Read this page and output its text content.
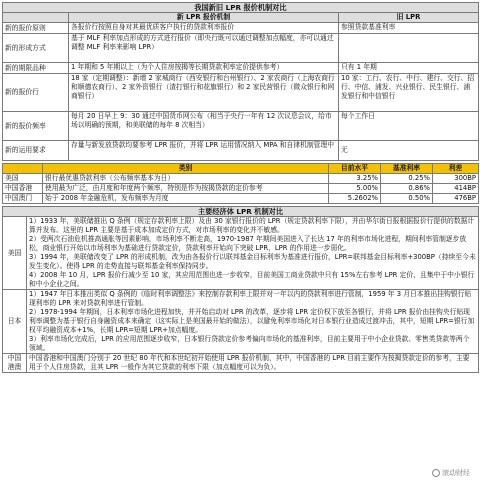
我国新旧 LPR 报价机制对比		
	新 LPR 报价机制	旧 LPR
新的报价原则	各报价行按照自身对其最优质客户执行的贷款利率报价	参照贷款基准利率
新的形成方式	基于 MLF 利率加点形成的方式进行报价（即央行既可以通过调整加点幅度，亦可以通过调整 MLF 利率来影响 LPR）	
新的期限品种	1 年期和 5 年期以上（为个人住房按揭等长期贷款利率定价提供参考）	只有 1 年期
新的报价行	18 家（定期调整）：新增 2 家城商行（西安银行和台州银行）、2 家农商行（上海农商行和顺德农商行）、2 家外资银行（渣打银行和花旗银行）和 2 家民营银行（微众银行和网商银行）	10 家：工行、农行、中行、建行、交行、招行、中信、浦发、兴业银行、民生银行、浦发银行和中信银行
新的报价频率	每月 20 日早上 9：30 通过中国货币网公布（相当于央行一年有 12 次议息会议，给市场以明确的预期，和美联储的每年 8 次相当）	每个工作日
新的运用要求	存量与新发放贷款均要参考 LPR 报价，并将 LPR 运用情况纳入 MPA 和自律机制管理中	无
	类别	目前水平	基准利率	利差
美国	银行最优惠贷款利率（公布频率基本为日）	3.25%	0.25%	300BP
中国香港	使用最为广泛，由月度和年度两个频率，特别是作为按揭贷款的定价参考	5.00%	0.86%	414BP
中国澳门	始于 2008 年金融危机，发布频率为月度	5.2602%	0.50%	476BP
主要经济体 LPR 机制对比	
美国	1）1933 年，美联储推出 Q 条例（规定存款利率上限）及由 30 家银行报价的 LPR（规定贷款利率下限），并由华尔街日报根据报价行提供的数据计算并发布。这里的 LPR 主要是基于成本加成定价方式，对市场利率的变化并不敏感。

2）受两次石油危机推高通胀等因素影响，市场利率不断走高，1970-1987 年期间美国进入了长达 17 年的利率市场化进程，期间利率管制逐步放松，商业银行开始以市场利率为基础进行贷款定价，贷款利率开始向下突破 LPR，LPR 的作用进一步弱化。

3）1994 年，美联储改变了 LPR 的形成机制，改为由各报价行以联邦基金目标利率为基准进行报价，LPR=联邦基金目标利率+300BP（持续至今未发生变化）。使得 LPR 的走势直接与联邦基金利率保持同步。

4）2008 年 10 月，LPR 报价行减少至 10 家，其应用范围也进一步收窄，目前美国工商业贷款中只有 15%左右参考 LPR 定价，且集中于中小银行和中小企业之间。

日本	1）1947 年日本推出类似 Q 条例的《临时利率调整法》来控制存款利率上限并对一年以内的贷款利率进行管制，1959 年 3 月日本推出挂钩银行贴现利率的 LPR 来对贷款利率进行管制。

2）1978-1994 年期间，日本利率市场化进程加快，并开始启动对 LPR 的改革，逐步将 LPR 定价权下放至各银行，并将 LPR 报价由挂钩央行贴现利率调整为基于银行自身融资成本来确定（这实际上是美国最开始的做法），以避免利率市场化对日本银行业造成过渡冲击，其中，短期 LPR=银行加权平均融资成本+1%，长期 LPR=短期 LPR+加点幅度。

3）利率市场化完成后，LPR 的应用范围逐步收窄，日本银行贷款定价参考偏向市场化的基准利率，目前主要用于中小企业贷款、零售类贷款等两个领域。

中国港澳	中国香港和中国澳门分别于 20 世纪 80 年代和本世纪初开始使用 LPR 报价机制，其中，中国香港的 LPR 目前主要作为按揭贷款定价的参考，主要用于个人住房贷款，且其 LPR 一般作为其它贷款的利率下限（加点幅度可以为负）。

滚动财经
